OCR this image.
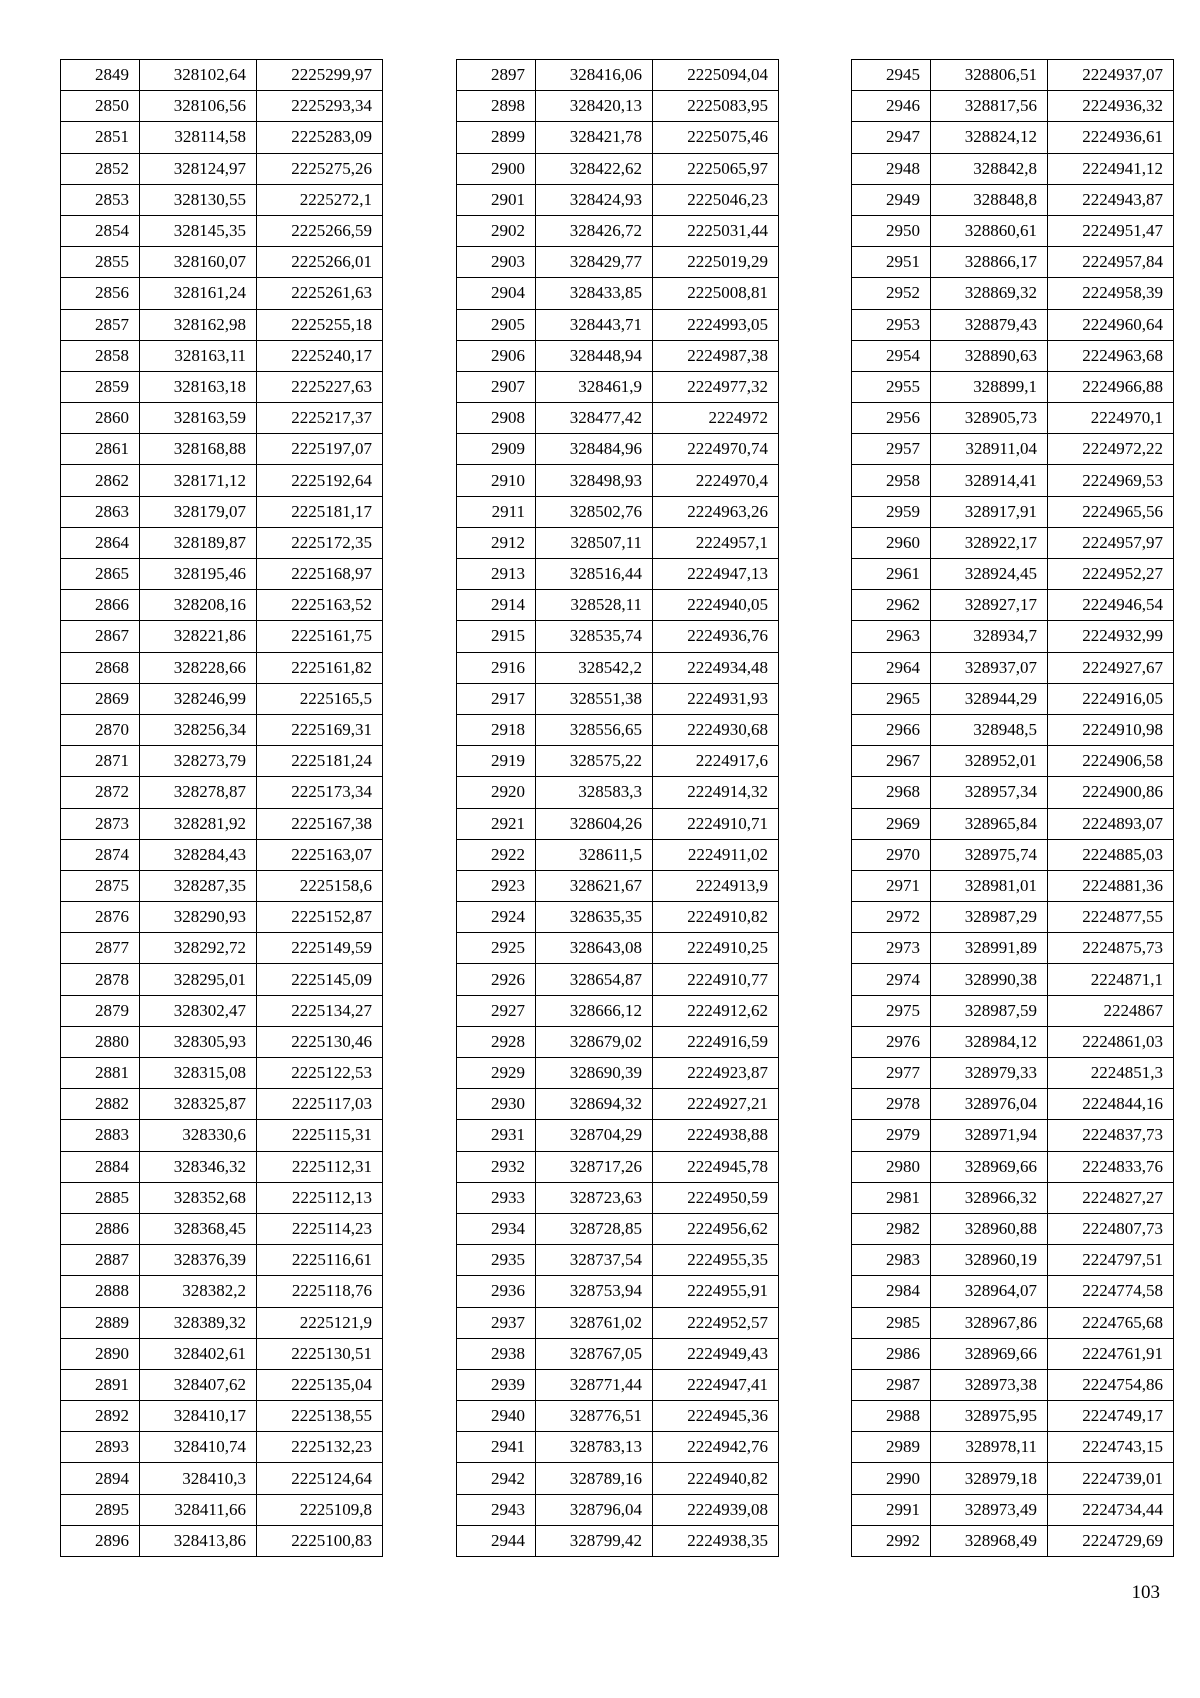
2849	328102,64	2225299,97
2850	328106,56	2225293,34
2851	328114,58	2225283,09
2852	328124,97	2225275,26
2853	328130,55	2225272,1
2854	328145,35	2225266,59
2855	328160,07	2225266,01
2856	328161,24	2225261,63
2857	328162,98	2225255,18
2858	328163,11	2225240,17
2859	328163,18	2225227,63
2860	328163,59	2225217,37
2861	328168,88	2225197,07
2862	328171,12	2225192,64
2863	328179,07	2225181,17
2864	328189,87	2225172,35
2865	328195,46	2225168,97
2866	328208,16	2225163,52
2867	328221,86	2225161,75
2868	328228,66	2225161,82
2869	328246,99	2225165,5
2870	328256,34	2225169,31
2871	328273,79	2225181,24
2872	328278,87	2225173,34
2873	328281,92	2225167,38
2874	328284,43	2225163,07
2875	328287,35	2225158,6
2876	328290,93	2225152,87
2877	328292,72	2225149,59
2878	328295,01	2225145,09
2879	328302,47	2225134,27
2880	328305,93	2225130,46
2881	328315,08	2225122,53
2882	328325,87	2225117,03
2883	328330,6	2225115,31
2884	328346,32	2225112,31
2885	328352,68	2225112,13
2886	328368,45	2225114,23
2887	328376,39	2225116,61
2888	328382,2	2225118,76
2889	328389,32	2225121,9
2890	328402,61	2225130,51
2891	328407,62	2225135,04
2892	328410,17	2225138,55
2893	328410,74	2225132,23
2894	328410,3	2225124,64
2895	328411,66	2225109,8
2896	328413,86	2225100,83
2897	328416,06	2225094,04
2898	328420,13	2225083,95
2899	328421,78	2225075,46
2900	328422,62	2225065,97
2901	328424,93	2225046,23
2902	328426,72	2225031,44
2903	328429,77	2225019,29
2904	328433,85	2225008,81
2905	328443,71	2224993,05
2906	328448,94	2224987,38
2907	328461,9	2224977,32
2908	328477,42	2224972
2909	328484,96	2224970,74
2910	328498,93	2224970,4
2911	328502,76	2224963,26
2912	328507,11	2224957,1
2913	328516,44	2224947,13
2914	328528,11	2224940,05
2915	328535,74	2224936,76
2916	328542,2	2224934,48
2917	328551,38	2224931,93
2918	328556,65	2224930,68
2919	328575,22	2224917,6
2920	328583,3	2224914,32
2921	328604,26	2224910,71
2922	328611,5	2224911,02
2923	328621,67	2224913,9
2924	328635,35	2224910,82
2925	328643,08	2224910,25
2926	328654,87	2224910,77
2927	328666,12	2224912,62
2928	328679,02	2224916,59
2929	328690,39	2224923,87
2930	328694,32	2224927,21
2931	328704,29	2224938,88
2932	328717,26	2224945,78
2933	328723,63	2224950,59
2934	328728,85	2224956,62
2935	328737,54	2224955,35
2936	328753,94	2224955,91
2937	328761,02	2224952,57
2938	328767,05	2224949,43
2939	328771,44	2224947,41
2940	328776,51	2224945,36
2941	328783,13	2224942,76
2942	328789,16	2224940,82
2943	328796,04	2224939,08
2944	328799,42	2224938,35
2945	328806,51	2224937,07
2946	328817,56	2224936,32
2947	328824,12	2224936,61
2948	328842,8	2224941,12
2949	328848,8	2224943,87
2950	328860,61	2224951,47
2951	328866,17	2224957,84
2952	328869,32	2224958,39
2953	328879,43	2224960,64
2954	328890,63	2224963,68
2955	328899,1	2224966,88
2956	328905,73	2224970,1
2957	328911,04	2224972,22
2958	328914,41	2224969,53
2959	328917,91	2224965,56
2960	328922,17	2224957,97
2961	328924,45	2224952,27
2962	328927,17	2224946,54
2963	328934,7	2224932,99
2964	328937,07	2224927,67
2965	328944,29	2224916,05
2966	328948,5	2224910,98
2967	328952,01	2224906,58
2968	328957,34	2224900,86
2969	328965,84	2224893,07
2970	328975,74	2224885,03
2971	328981,01	2224881,36
2972	328987,29	2224877,55
2973	328991,89	2224875,73
2974	328990,38	2224871,1
2975	328987,59	2224867
2976	328984,12	2224861,03
2977	328979,33	2224851,3
2978	328976,04	2224844,16
2979	328971,94	2224837,73
2980	328969,66	2224833,76
2981	328966,32	2224827,27
2982	328960,88	2224807,73
2983	328960,19	2224797,51
2984	328964,07	2224774,58
2985	328967,86	2224765,68
2986	328969,66	2224761,91
2987	328973,38	2224754,86
2988	328975,95	2224749,17
2989	328978,11	2224743,15
2990	328979,18	2224739,01
2991	328973,49	2224734,44
2992	328968,49	2224729,69
103
